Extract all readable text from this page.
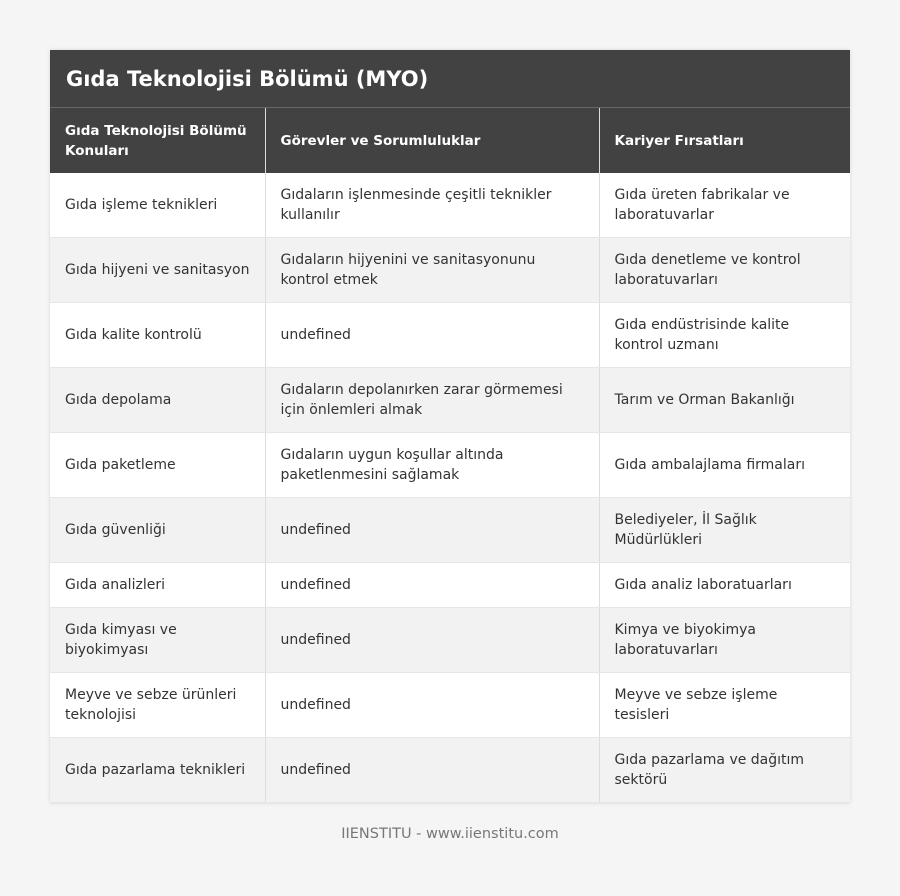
Gıda Teknolojisi Bölümü (MYO)
Gıda Teknolojisi Bölümü Konuları	Görevler ve Sorumluluklar	Kariyer Fırsatları
Gıda işleme teknikleri	Gıdaların işlenmesinde çeşitli teknikler kullanılır	Gıda üreten fabrikalar ve laboratuvarlar
Gıda hijyeni ve sanitasyon	Gıdaların hijyenini ve sanitasyonunu kontrol etmek	Gıda denetleme ve kontrol laboratuvarları
Gıda kalite kontrolü	undefined	Gıda endüstrisinde kalite kontrol uzmanı
Gıda depolama	Gıdaların depolanırken zarar görmemesi için önlemleri almak	Tarım ve Orman Bakanlığı
Gıda paketleme	Gıdaların uygun koşullar altında paketlenmesini sağlamak	Gıda ambalajlama firmaları
Gıda güvenliği	undefined	Belediyeler, İl Sağlık Müdürlükleri
Gıda analizleri	undefined	Gıda analiz laboratuarları
Gıda kimyası ve biyokimyası	undefined	Kimya ve biyokimya laboratuvarları
Meyve ve sebze ürünleri teknolojisi	undefined	Meyve ve sebze işleme tesisleri
Gıda pazarlama teknikleri	undefined	Gıda pazarlama ve dağıtım sektörü
IIENSTITU - www.iienstitu.com
